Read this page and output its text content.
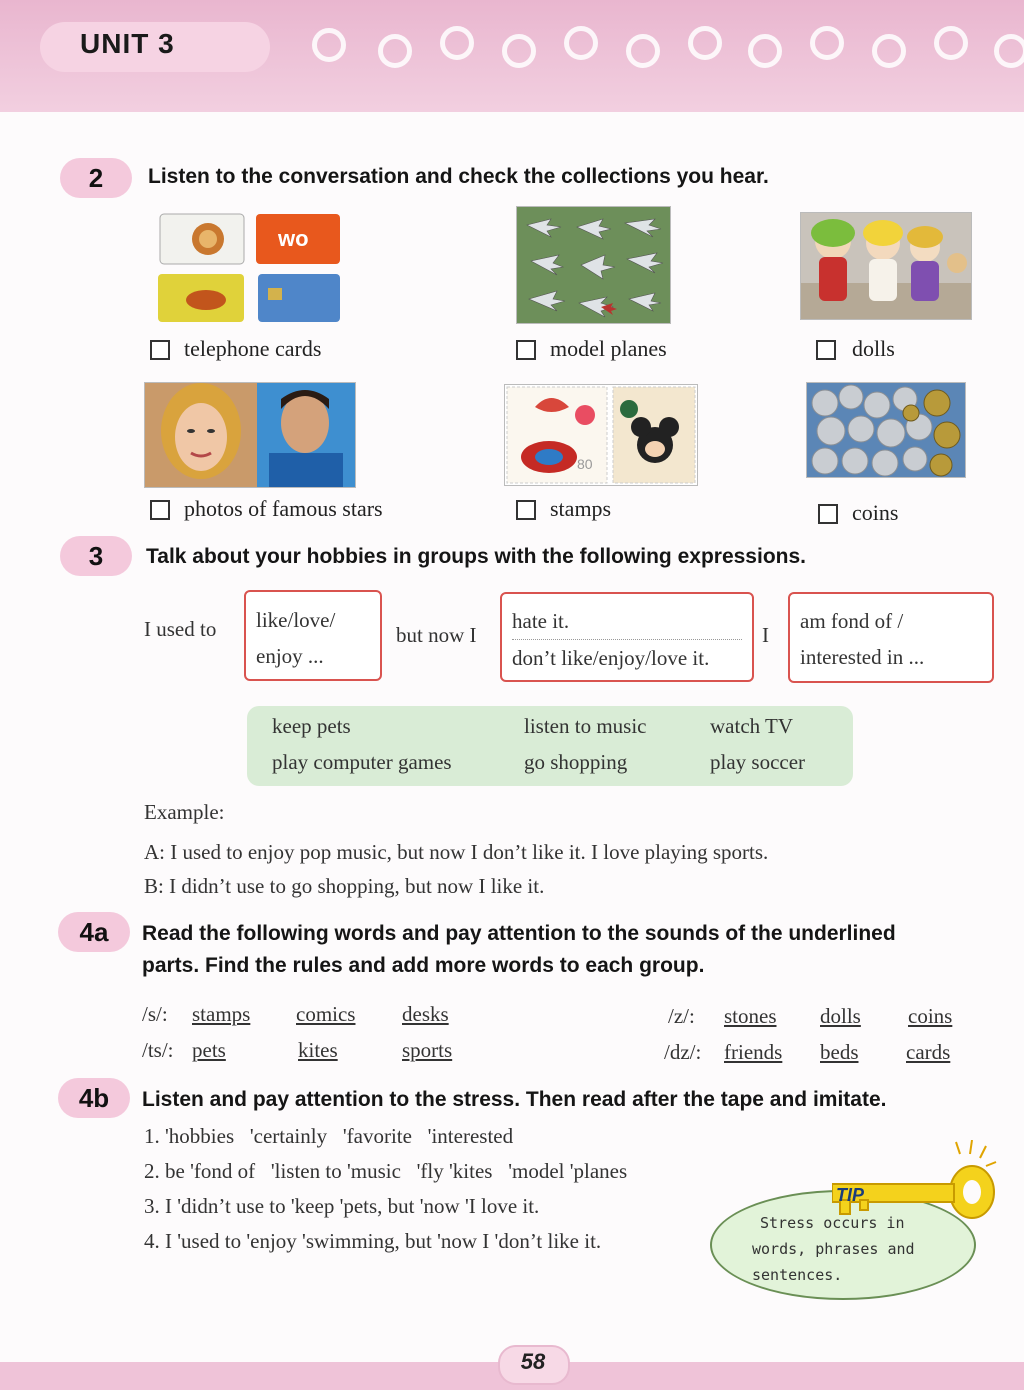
UNIT 3
2	Listen to the conversation and check the collections you hear.
wo
telephone cards	model planes	dolls
photos of famous stars
80
stamps	coins
3	Talk about your hobbies in groups with the following expressions.
I used to like/love/
enjoy ...
but now I
hate it.
don’t like/enjoy/love it.
I
am fond of /
interested in ...
keep pets	listen to music	watch TV
play computer games	go shopping	play soccer
Example:
A: I used to enjoy pop music, but now I don’t like it. I love playing sports.
B: I didn’t use to go shopping, but now I like it.
4a	Read the following words and pay attention to the sounds of the underlined
parts. Find the rules and add more words to each group.
/s/: stamps comics desks
/ts/: pets	kites	sports
/z/: stones dolls coins
/dz/: friends beds cards
4b	Listen and pay attention to the stress. Then read after the tape and imitate.
1. 'hobbies   'certainly   'favorite   'interested
2. be 'fond of   'listen to 'music   'fly 'kites   'model 'planes
3. I 'didn’t use to 'keep 'pets, but 'now 'I love it.
4. I 'used to 'enjoy 'swimming, but 'now I 'don’t like it.
TIP
Stress occurs in
words, phrases and
sentences.
58
